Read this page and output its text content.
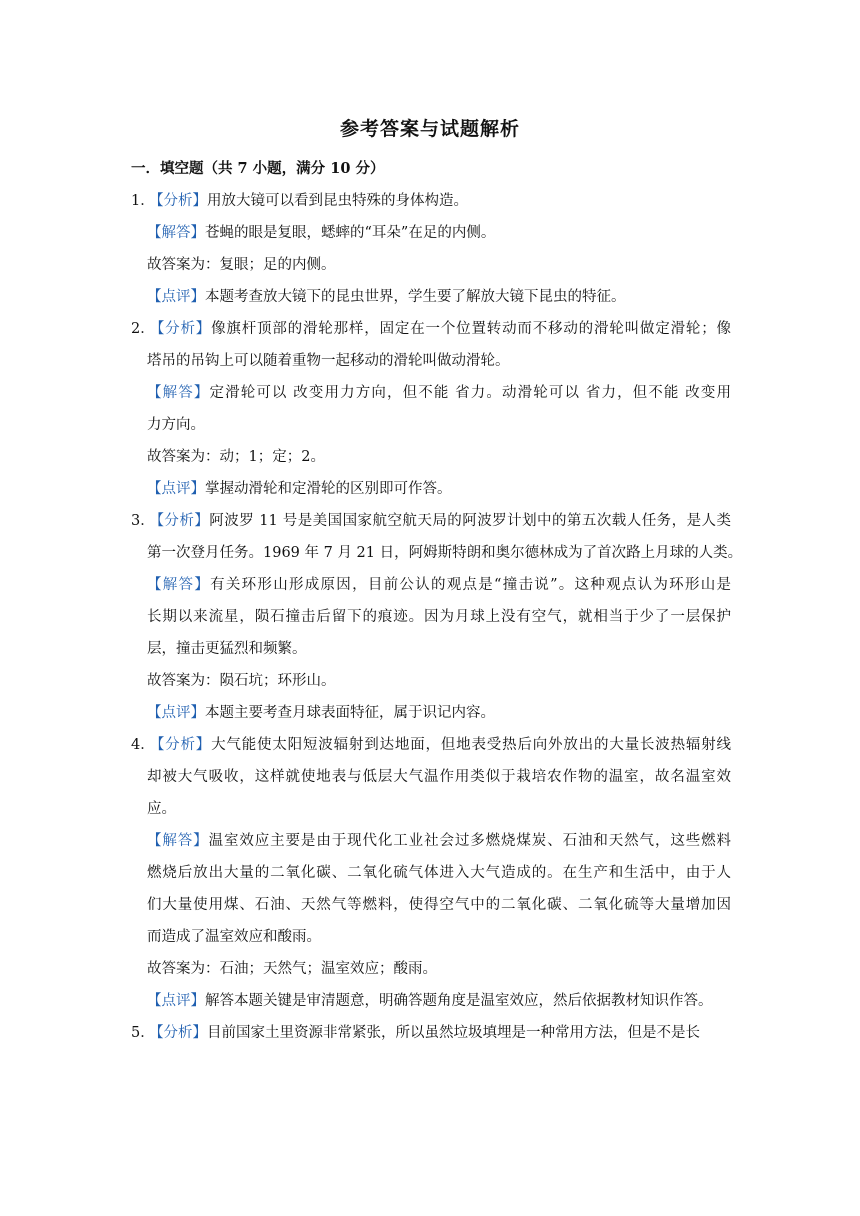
参考答案与试题解析
一．填空题（共 7 小题，满分 10 分）
1．【分析】用放大镜可以看到昆虫特殊的身体构造。
【解答】苍蝇的眼是复眼，蟋蟀的“耳朵”在足的内侧。
故答案为：复眼；足的内侧。
【点评】本题考查放大镜下的昆虫世界，学生要了解放大镜下昆虫的特征。
2．【分析】像旗杆顶部的滑轮那样，固定在一个位置转动而不移动的滑轮叫做定滑轮；像
塔吊的吊钩上可以随着重物一起移动的滑轮叫做动滑轮。
【解答】定滑轮可以 改变用力方向，但不能 省力。动滑轮可以 省力，但不能 改变用
力方向。
故答案为：动；1；定；2。
【点评】掌握动滑轮和定滑轮的区别即可作答。
3．【分析】阿波罗 11 号是美国国家航空航天局的阿波罗计划中的第五次载人任务，是人类
第一次登月任务。1969 年 7 月 21 日，阿姆斯特朗和奥尔德林成为了首次路上月球的人类。
【解答】有关环形山形成原因，目前公认的观点是“撞击说”。这种观点认为环形山是
长期以来流星，陨石撞击后留下的痕迹。因为月球上没有空气，就相当于少了一层保护
层，撞击更猛烈和频繁。
故答案为：陨石坑；环形山。
【点评】本题主要考查月球表面特征，属于识记内容。
4．【分析】大气能使太阳短波辐射到达地面，但地表受热后向外放出的大量长波热辐射线
却被大气吸收，这样就使地表与低层大气温作用类似于栽培农作物的温室，故名温室效
应。
【解答】温室效应主要是由于现代化工业社会过多燃烧煤炭、石油和天然气，这些燃料
燃烧后放出大量的二氧化碳、二氧化硫气体进入大气造成的。在生产和生活中，由于人
们大量使用煤、石油、天然气等燃料，使得空气中的二氧化碳、二氧化硫等大量增加因
而造成了温室效应和酸雨。
故答案为：石油；天然气；温室效应；酸雨。
【点评】解答本题关键是审清题意，明确答题角度是温室效应，然后依据教材知识作答。
5．【分析】目前国家土里资源非常紧张，所以虽然垃圾填埋是一种常用方法，但是不是长
